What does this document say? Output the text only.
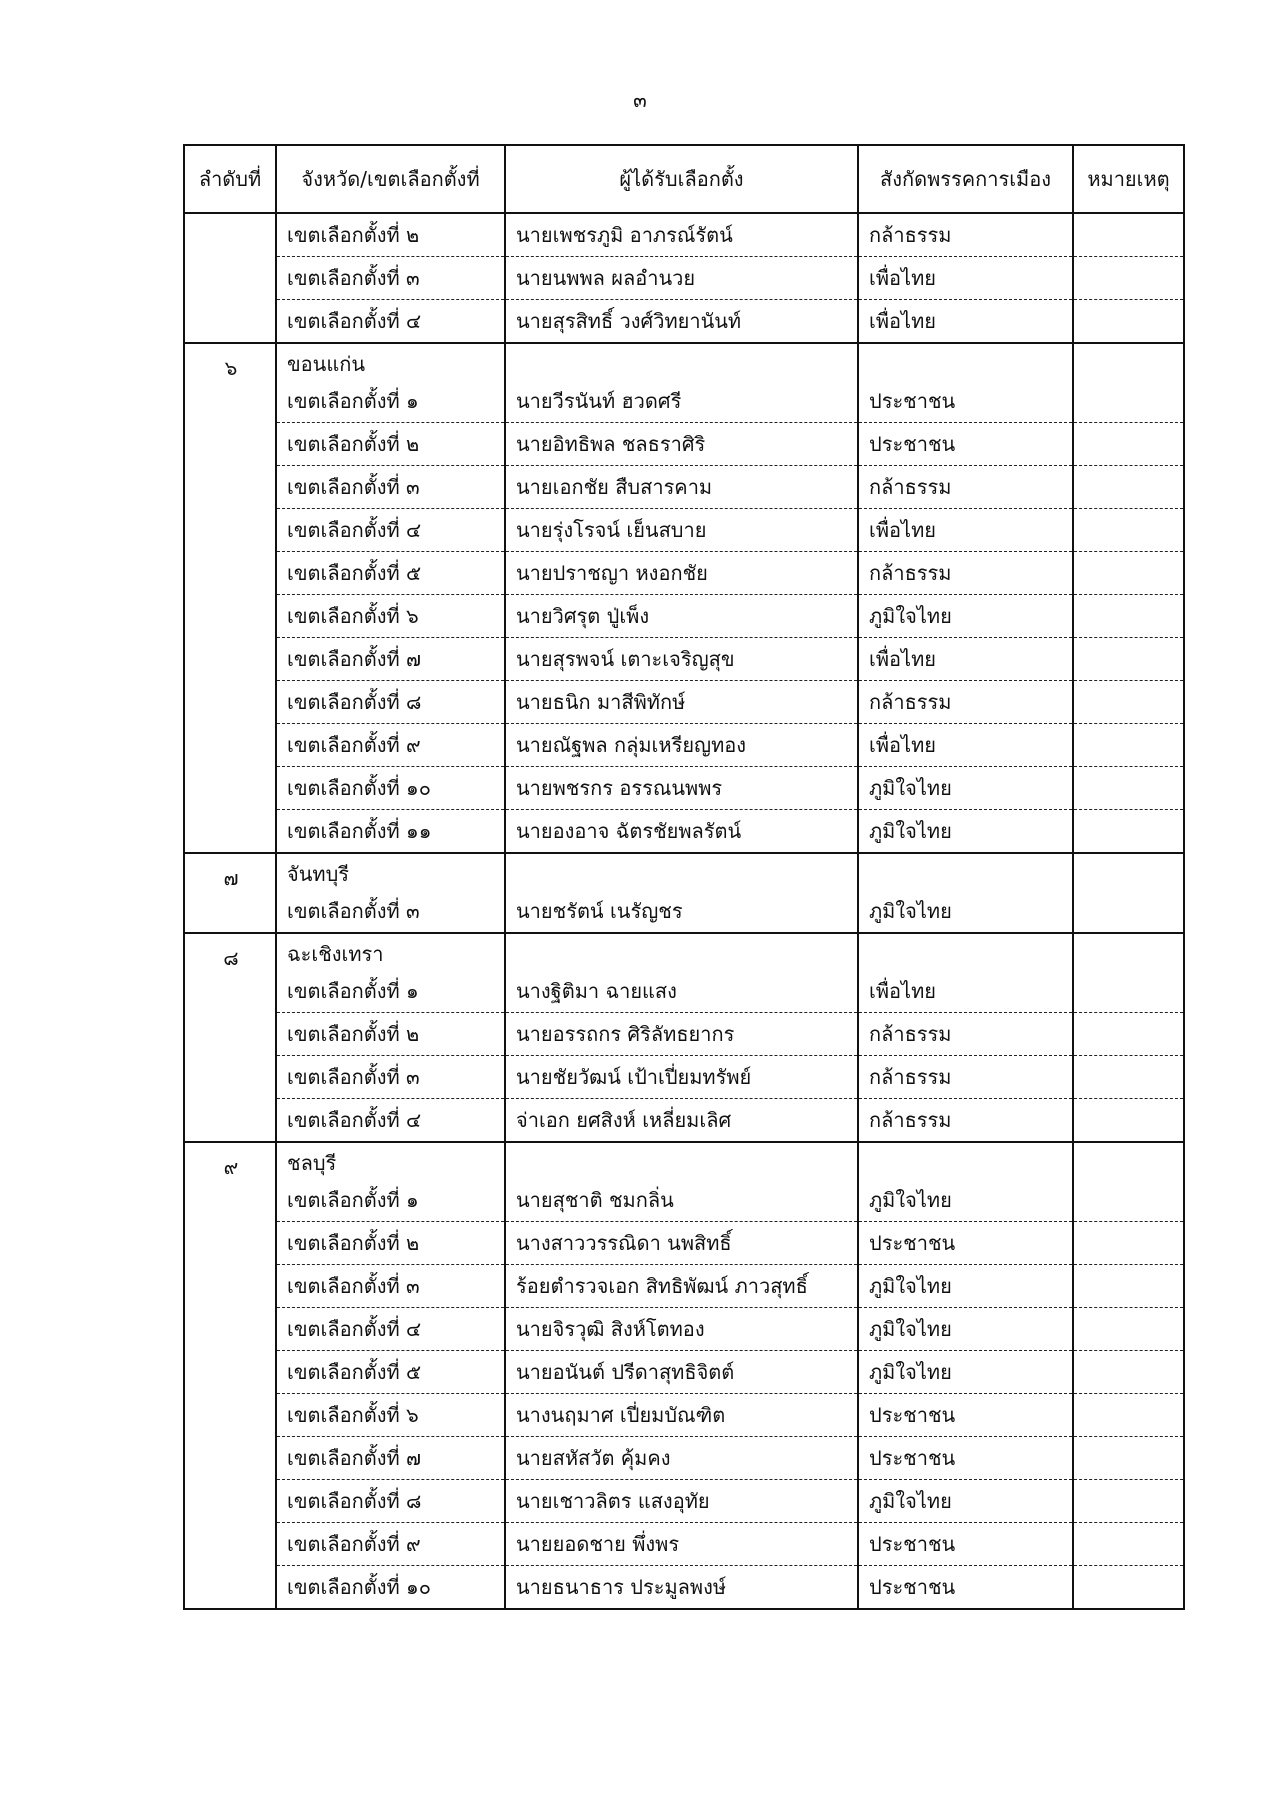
๓
ลำดับที่	จังหวัด/เขตเลือกตั้งที่	ผู้ได้รับเลือกตั้ง	สังกัดพรรคการเมือง	หมายเหตุ
	เขตเลือกตั้งที่ ๒	นายเพชรภูมิ อาภรณ์รัตน์	กล้าธรรม	
	เขตเลือกตั้งที่ ๓	นายนพพล ผลอำนวย	เพื่อไทย	
	เขตเลือกตั้งที่ ๔	นายสุรสิทธิ์ วงศ์วิทยานันท์	เพื่อไทย	
๖	ขอนแก่น			
	เขตเลือกตั้งที่ ๑	นายวีรนันท์ ฮวดศรี	ประชาชน	
	เขตเลือกตั้งที่ ๒	นายอิทธิพล ชลธราศิริ	ประชาชน	
	เขตเลือกตั้งที่ ๓	นายเอกชัย สืบสารคาม	กล้าธรรม	
	เขตเลือกตั้งที่ ๔	นายรุ่งโรจน์ เย็นสบาย	เพื่อไทย	
	เขตเลือกตั้งที่ ๕	นายปราชญา หงอกชัย	กล้าธรรม	
	เขตเลือกตั้งที่ ๖	นายวิศรุต ปู่เพ็ง	ภูมิใจไทย	
	เขตเลือกตั้งที่ ๗	นายสุรพจน์ เตาะเจริญสุข	เพื่อไทย	
	เขตเลือกตั้งที่ ๘	นายธนิก มาสีพิทักษ์	กล้าธรรม	
	เขตเลือกตั้งที่ ๙	นายณัฐพล กลุ่มเหรียญทอง	เพื่อไทย	
	เขตเลือกตั้งที่ ๑๐	นายพชรกร อรรณนพพร	ภูมิใจไทย	
	เขตเลือกตั้งที่ ๑๑	นายองอาจ ฉัตรชัยพลรัตน์	ภูมิใจไทย	
๗	จันทบุรี			
	เขตเลือกตั้งที่ ๓	นายชรัตน์ เนรัญชร	ภูมิใจไทย	
๘	ฉะเชิงเทรา			
	เขตเลือกตั้งที่ ๑	นางฐิติมา ฉายแสง	เพื่อไทย	
	เขตเลือกตั้งที่ ๒	นายอรรถกร ศิริลัทธยากร	กล้าธรรม	
	เขตเลือกตั้งที่ ๓	นายชัยวัฒน์ เป้าเปี่ยมทรัพย์	กล้าธรรม	
	เขตเลือกตั้งที่ ๔	จ่าเอก ยศสิงห์ เหลี่ยมเลิศ	กล้าธรรม	
๙	ชลบุรี			
	เขตเลือกตั้งที่ ๑	นายสุชาติ ชมกลิ่น	ภูมิใจไทย	
	เขตเลือกตั้งที่ ๒	นางสาววรรณิดา นพสิทธิ์	ประชาชน	
	เขตเลือกตั้งที่ ๓	ร้อยตำรวจเอก สิทธิพัฒน์ ภาวสุทธิ์	ภูมิใจไทย	
	เขตเลือกตั้งที่ ๔	นายจิรวุฒิ สิงห์โตทอง	ภูมิใจไทย	
	เขตเลือกตั้งที่ ๕	นายอนันต์ ปรีดาสุทธิจิตต์	ภูมิใจไทย	
	เขตเลือกตั้งที่ ๖	นางนฤมาศ เปี่ยมบัณฑิต	ประชาชน	
	เขตเลือกตั้งที่ ๗	นายสหัสวัต คุ้มคง	ประชาชน	
	เขตเลือกตั้งที่ ๘	นายเชาวลิตร แสงอุทัย	ภูมิใจไทย	
	เขตเลือกตั้งที่ ๙	นายยอดชาย พึ่งพร	ประชาชน	
	เขตเลือกตั้งที่ ๑๐	นายธนาธาร ประมูลพงษ์	ประชาชน	
